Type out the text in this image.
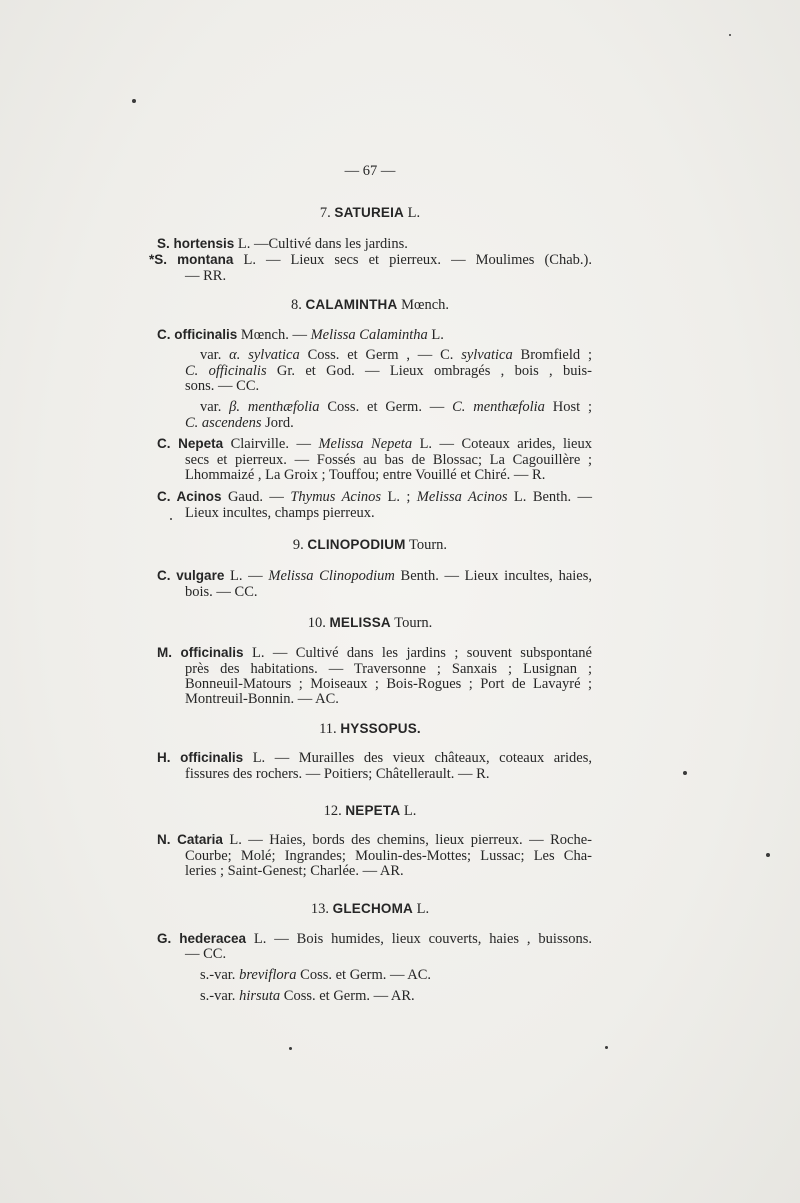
— 67 —
7. SATUREIA L.
S. hortensis L. —Cultivé dans les jardins.
*S. montana L. — Lieux secs et pierreux. — Moulimes (Chab.).
— RR.
8. CALAMINTHA Mœnch.
C. officinalis Mœnch. — Melissa Calamintha L.
var. α. sylvatica Coss. et Germ , — C. sylvatica Bromfield ;
C. officinalis Gr. et God. — Lieux ombragés , bois , buis-
sons. — CC.
var. β. menthæfolia Coss. et Germ. — C. menthæfolia Host ;
C. ascendens Jord.
C. Nepeta Clairville. — Melissa Nepeta L. — Coteaux arides, lieux
secs et pierreux. — Fossés au bas de Blossac; La Cagouillère ;
Lhommaizé , La Groix ; Touffou; entre Vouillé et Chiré. — R.
C. Acinos Gaud. — Thymus Acinos L. ; Melissa Acinos L. Benth. —
Lieux incultes, champs pierreux.
9. CLINOPODIUM Tourn.
C. vulgare L. — Melissa Clinopodium Benth. — Lieux incultes, haies,
bois. — CC.
10. MELISSA Tourn.
M. officinalis L. — Cultivé dans les jardins ; souvent subspontané
près des habitations. — Traversonne ; Sanxais ; Lusignan ;
Bonneuil-Matours ; Moiseaux ; Bois-Rogues ; Port de Lavayré ;
Montreuil-Bonnin. — AC.
11. HYSSOPUS.
H. officinalis L. — Murailles des vieux châteaux, coteaux arides,
fissures des rochers. — Poitiers; Châtellerault. — R.
12. NEPETA L.
N. Cataria L. — Haies, bords des chemins, lieux pierreux. — Roche-
Courbe; Molé; Ingrandes; Moulin-des-Mottes; Lussac; Les Cha-
leries ; Saint-Genest; Charlée. — AR.
13. GLECHOMA L.
G. hederacea L. — Bois humides, lieux couverts, haies , buissons.
— CC.
s.-var. breviflora Coss. et Germ. — AC.
s.-var. hirsuta Coss. et Germ. — AR.
